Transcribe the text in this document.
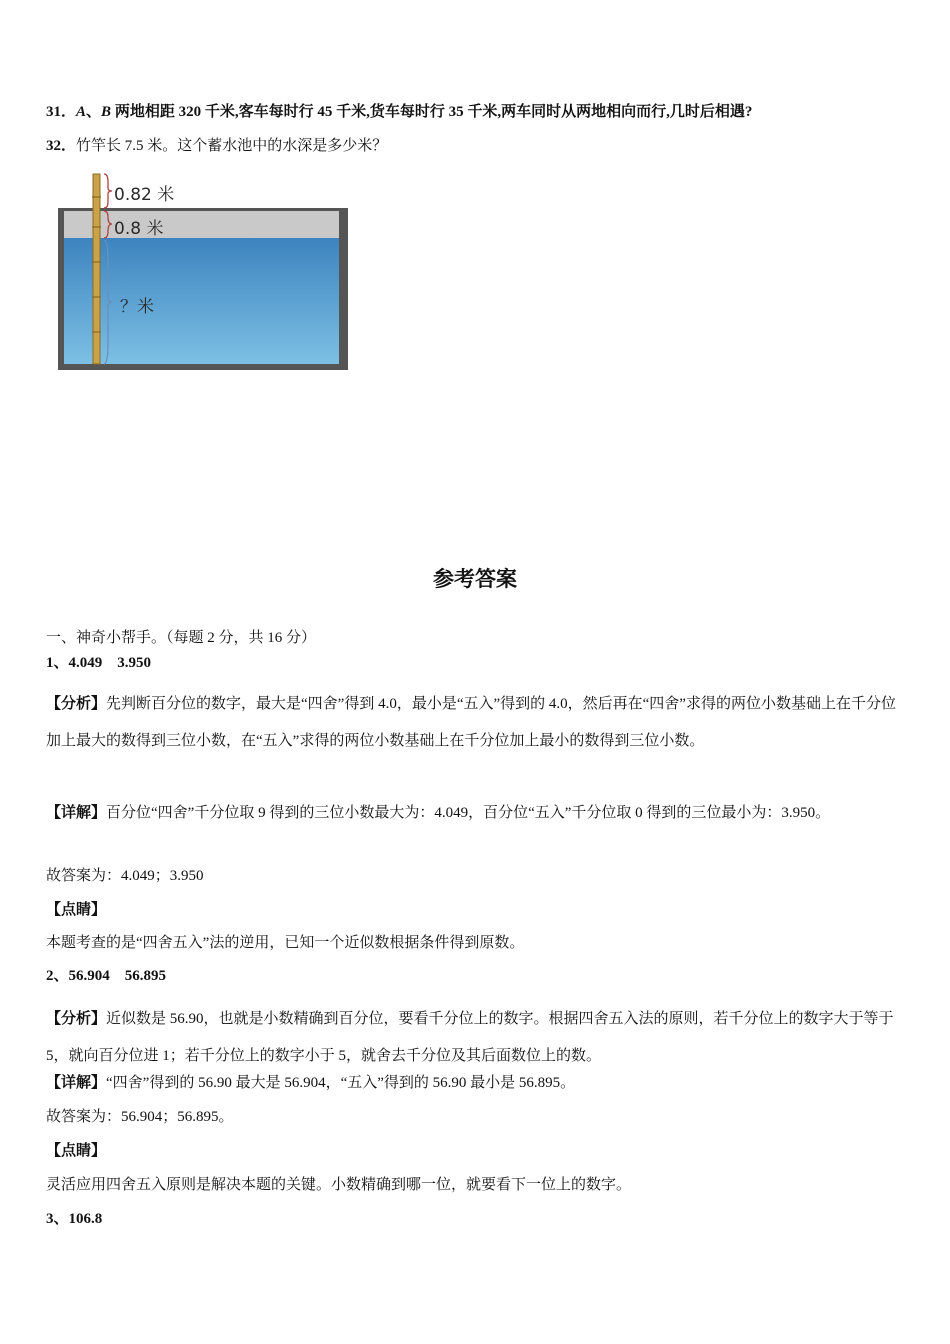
31．A、B 两地相距 320 千米,客车每时行 45 千米,货车每时行 35 千米,两车同时从两地相向而行,几时后相遇?
32．竹竿长 7.5 米。这个蓄水池中的水深是多少米？
0.82 米
0.8 米
？米
参考答案
一、神奇小帮手。（每题 2 分，共 16 分）
1、4.049　3.950
【分析】先判断百分位的数字，最大是“四舍”得到 4.0，最小是“五入”得到的 4.0，然后再在“四舍”求得的两位小数基础上在千分位加上最大的数得到三位小数，在“五入”求得的两位小数基础上在千分位加上最小的数得到三位小数。
【详解】百分位“四舍”千分位取 9 得到的三位小数最大为：4.049，百分位“五入”千分位取 0 得到的三位最小为：3.950。
故答案为：4.049；3.950
【点睛】
本题考查的是“四舍五入”法的逆用，已知一个近似数根据条件得到原数。
2、56.904　56.895
【分析】近似数是 56.90，也就是小数精确到百分位，要看千分位上的数字。根据四舍五入法的原则，若千分位上的数字大于等于 5，就向百分位进 1；若千分位上的数字小于 5，就舍去千分位及其后面数位上的数。
【详解】“四舍”得到的 56.90 最大是 56.904，“五入”得到的 56.90 最小是 56.895。
故答案为：56.904；56.895。
【点睛】
灵活应用四舍五入原则是解决本题的关键。小数精确到哪一位，就要看下一位上的数字。
3、106.8
